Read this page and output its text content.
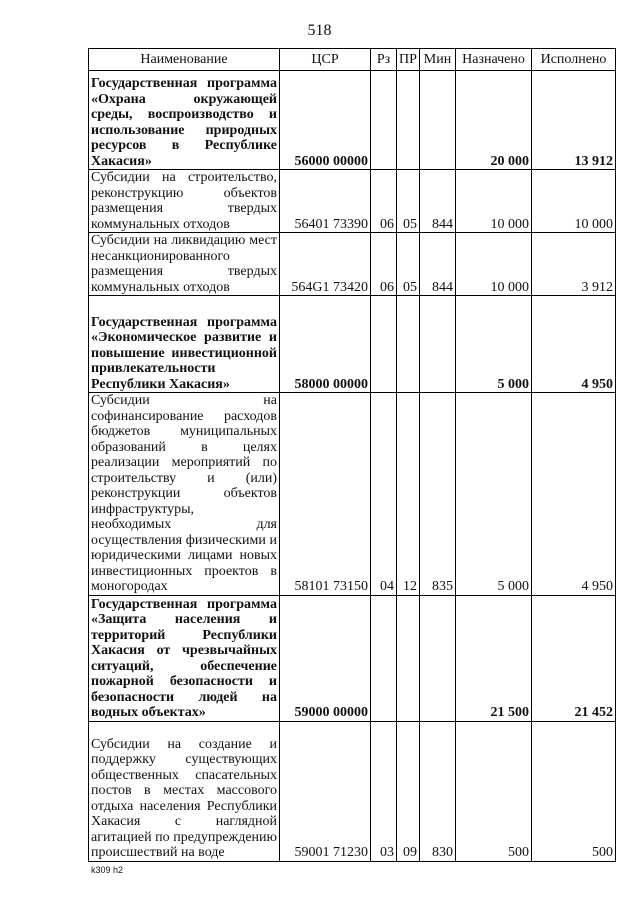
518
Наименование	ЦСР	Рз	ПР	Мин	Назначено	Исполнено
Государственная программа «Охрана окружающей среды, воспроизводство и использование природных ресурсов в Республике Хакасия»	56000 00000				20 000	13 912
Субсидии на строительство, реконструкцию объектов размещения твердых коммунальных отходов	56401 73390	06	05	844	10 000	10 000
Субсидии на ликвидацию мест несанкционированного размещения твердых коммунальных отходов	564G1 73420	06	05	844	10 000	3 912
Государственная программа «Экономическое развитие и повышение инвестиционной привлекательности Республики Хакасия»	58000 00000				5 000	4 950
Субсидии на софинансирование расходов бюджетов муниципальных образований в целях реализации мероприятий по строительству и (или) реконструкции объектов инфраструктуры, необходимых для осуществления физическими и юридическими лицами новых инвестиционных проектов в моногородах	58101 73150	04	12	835	5 000	4 950
Государственная программа «Защита населения и территорий Республики Хакасия от чрезвычайных ситуаций, обеспечение пожарной безопасности и безопасности людей на водных объектах»	59000 00000				21 500	21 452
Субсидии на создание и поддержку существующих общественных спасательных постов в местах массового отдыха населения Республики Хакасия с наглядной агитацией по предупреждению происшествий на воде	59001 71230	03	09	830	500	500
k309 h2
